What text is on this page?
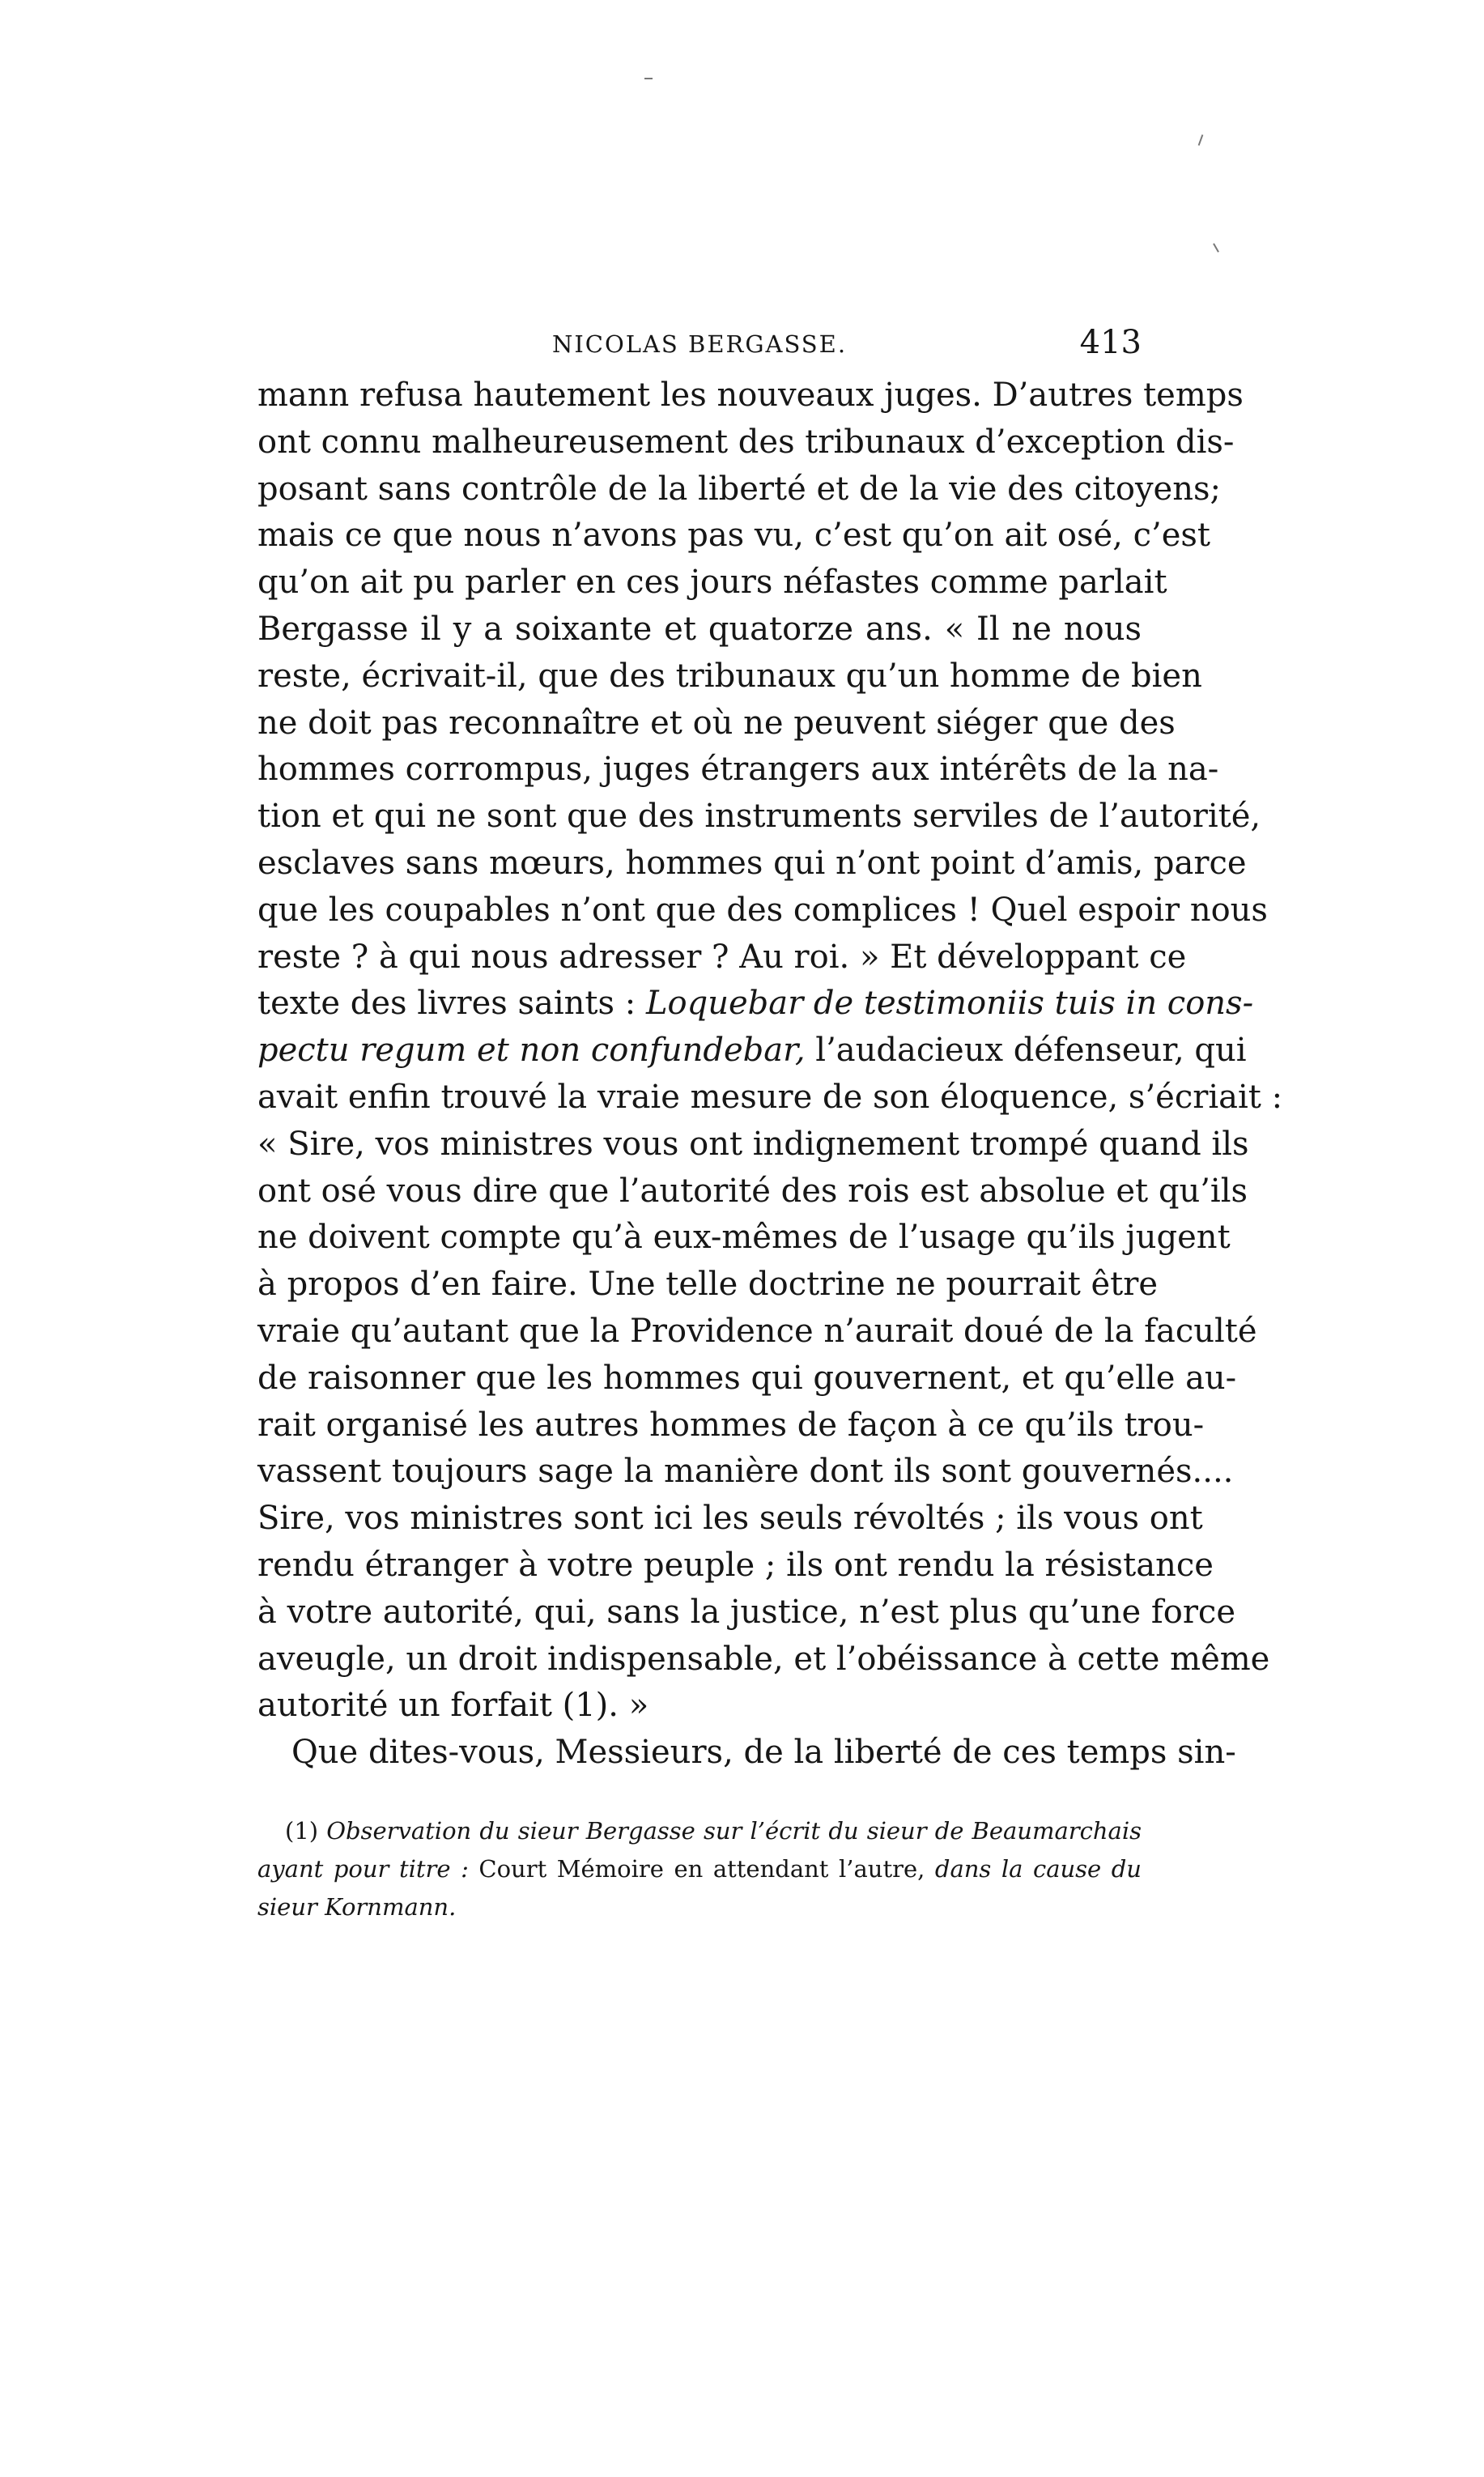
NICOLAS BERGASSE.	413
mann refusa hautement les nouveaux juges. D’autres temps
ont connu malheureusement des tribunaux d’exception dis-
posant sans contrôle de la liberté et de la vie des citoyens;
mais ce que nous n’avons pas vu, c’est qu’on ait osé, c’est
qu’on ait pu parler en ces jours néfastes comme parlait
Bergasse il y a soixante et quatorze ans. « Il ne nous
reste, écrivait-il, que des tribunaux qu’un homme de bien
ne doit pas reconnaître et où ne peuvent siéger que des
hommes corrompus, juges étrangers aux intérêts de la na-
tion et qui ne sont que des instruments serviles de l’autorité,
esclaves sans mœurs, hommes qui n’ont point d’amis, parce
que les coupables n’ont que des complices ! Quel espoir nous
reste ? à qui nous adresser ? Au roi. » Et développant ce
texte des livres saints : Loquebar de testimoniis tuis in cons-
pectu regum et non confundebar, l’audacieux défenseur, qui
avait enfin trouvé la vraie mesure de son éloquence, s’écriait :
« Sire, vos ministres vous ont indignement trompé quand ils
ont osé vous dire que l’autorité des rois est absolue et qu’ils
ne doivent compte qu’à eux-mêmes de l’usage qu’ils jugent
à propos d’en faire. Une telle doctrine ne pourrait être
vraie qu’autant que la Providence n’aurait doué de la faculté
de raisonner que les hommes qui gouvernent, et qu’elle au-
rait organisé les autres hommes de façon à ce qu’ils trou-
vassent toujours sage la manière dont ils sont gouvernés....
Sire, vos ministres sont ici les seuls révoltés ; ils vous ont
rendu étranger à votre peuple ; ils ont rendu la résistance
à votre autorité, qui, sans la justice, n’est plus qu’une force
aveugle, un droit indispensable, et l’obéissance à cette même
autorité un forfait (1). »
Que dites-vous, Messieurs, de la liberté de ces temps sin-
(1) Observation du sieur Bergasse sur l’écrit du sieur de Beaumarchais
ayant pour titre : Court Mémoire en attendant l’autre, dans la cause du
sieur Kornmann.
